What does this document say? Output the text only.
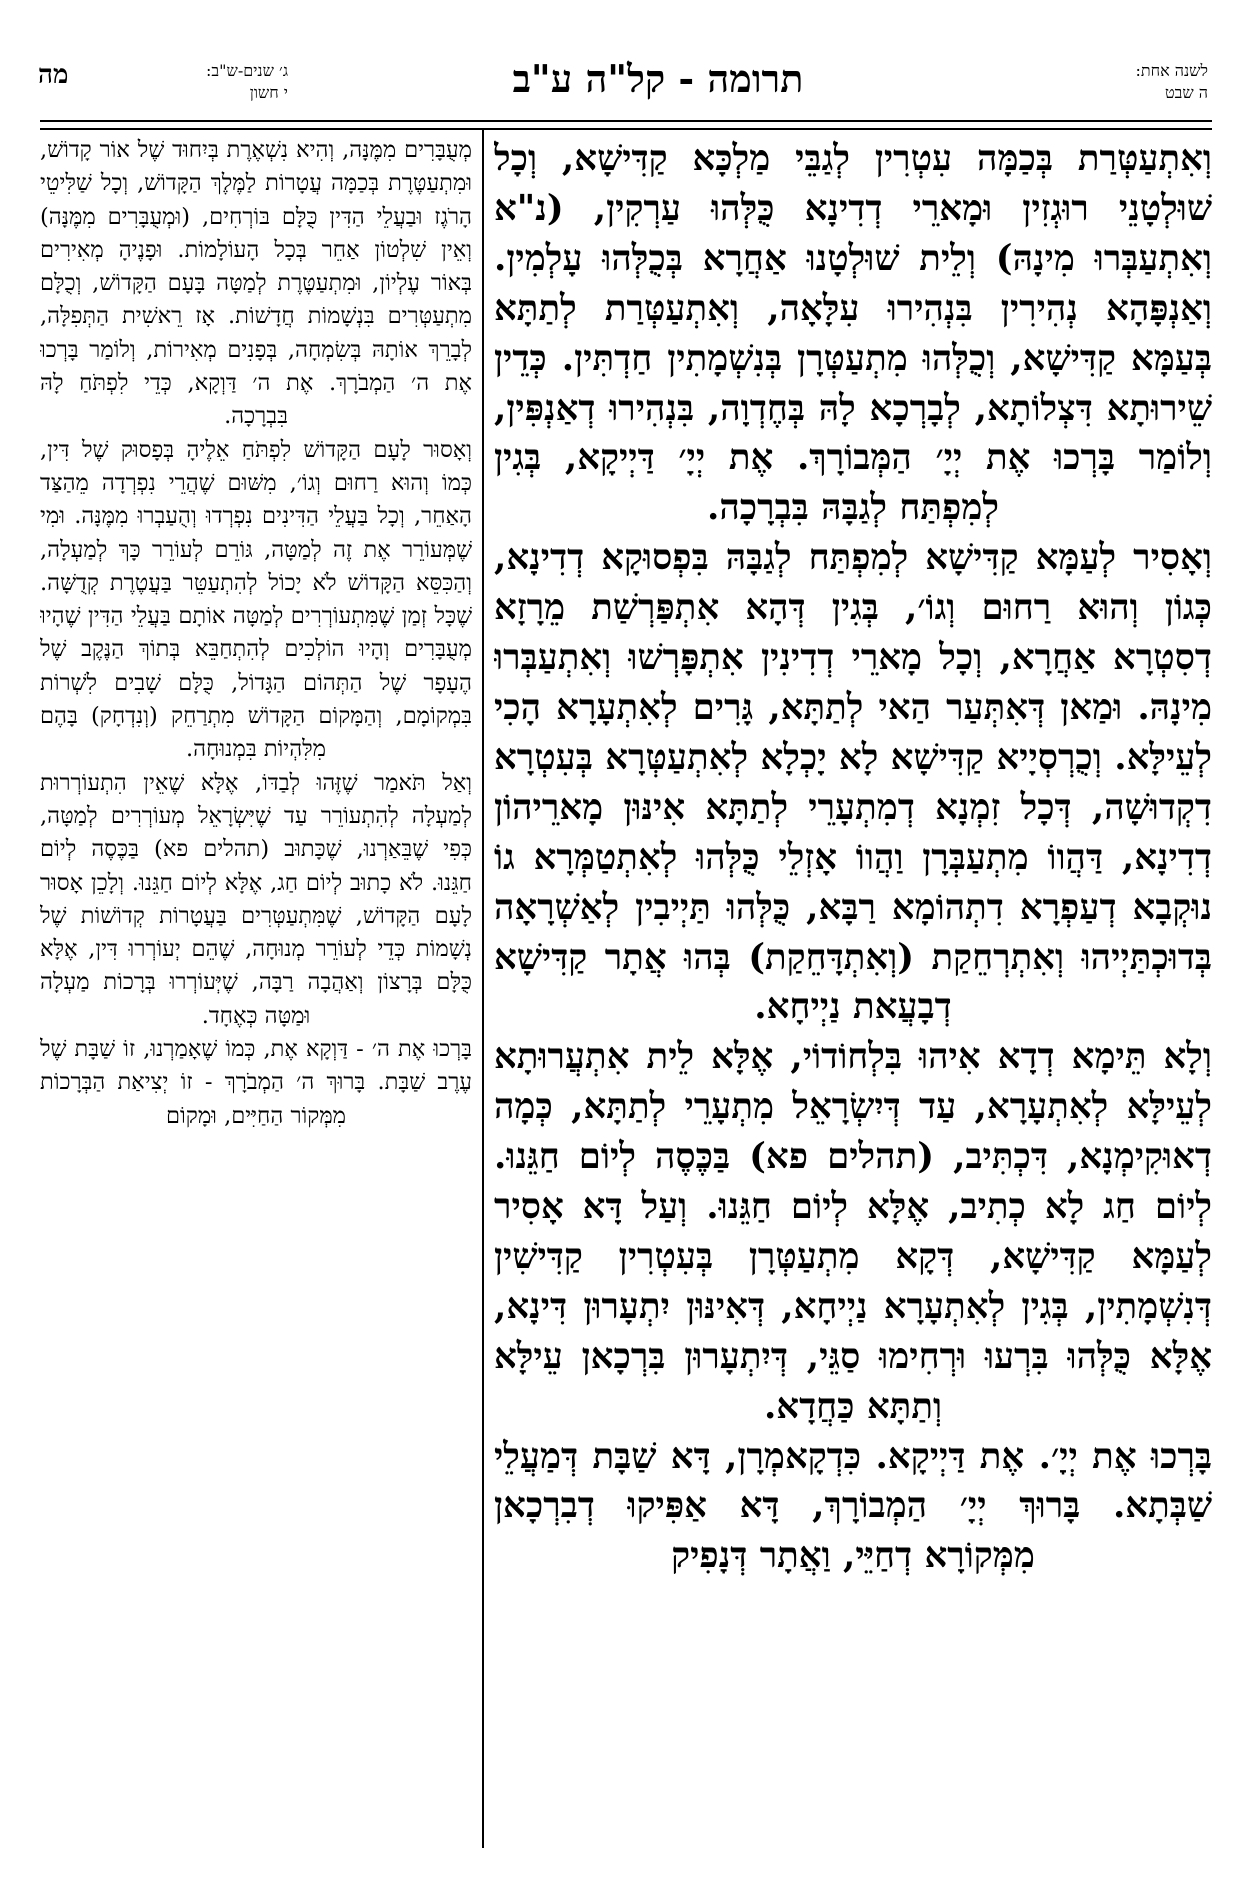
לשנה אחת:
ה שבט
תרומה - קל"ה ע"ב
ג׳ שנים-ש"ב:
י חשון
מה

וְאִתְעַטְּרַת בְּכַמָּה עִטְרִין לְגַבֵּי מַלְכָּא קַדִּישָׁא, וְכָל שׁוּלְטָנֵי רוּגְזִין וּמָארֵי דְדִינָא כֻּלְּהוּ עַרְקִין, (נ"א וְאִתְעַבְּרוּ מִינָהּ) וְלֵית שׁוּלְטָנוּ אַחֲרָא בְּכֻלְּהוּ עָלְמִין. וְאַנְפָּהָא נְהִירִין בִּנְהִירוּ עִלָּאָה, וְאִתְעַטְּרַת לְתַתָּא בְּעַמָּא קַדִּישָׁא, וְכֻלְּהוּ מִתְעַטְּרָן בְּנִשְׁמָתִין חַדְתִּין. כְּדֵין שֵׁירוּתָא דִּצְלוֹתָא, לְבָרְכָא לָהּ בְּחֶדְוָה, בִּנְהִירוּ דְאַנְפִּין, וְלוֹמַר בָּרְכוּ אֶת יְיָ׳ הַמְּבוֹרָךְ. אֶת יְיָ׳ דַּיְיקָא, בְּגִין לְמִפְתַּח לְגַבָּהּ בִּבְרָכָה.

וְאָסִיר לְעַמָּא קַדִּישָׁא לְמִפְתַּח לְגַבָּהּ בִּפְסוּקָא דְדִינָא, כְּגוֹן וְהוּא רַחוּם וְגוֹ׳, בְּגִין דְּהָא אִתְפַּרְשַׁת מֵרָזָא דְסִטְרָא אַחֲרָא, וְכָל מָארֵי דְדִינִין אִתְפָּרְשׁוּ וְאִתְעַבְּרוּ מִינָהּ. וּמַאן דְּאִתְּעַר הַאי לְתַתָּא, גָּרִים לְאִתְעָרָא הָכִי לְעֵילָּא. וְכֻרְסְיָיא קַדִּישָׁא לָא יָכְלָא לְאִתְעַטְּרָא בְּעִטְרָא דִקְדוּשָׁה, דְּכָל זִמְנָא דְמִתְעָרֵי לְתַתָּא אִינּוּן מָארֵיהוֹן דְדִינָא, דַּהֲווֹ מִתְעַבְּרָן וַהֲווֹ אָזְלֵי כֻּלְּהוּ לְאִתְטַמְּרָא גוֹ נוּקְבָא דְעַפְרָא דִתְהוֹמָא רַבָּא, כֻּלְּהוּ תַּיְיבִין לְאַשְׁרָאָה בְּדוּכְתַּיְיהוּ וְאִתְרְחֵקַת (וְאִתְדָּחֵקַת) בְּהוּ אֲתָר קַדִּישָׁא דְבָעֲאת נַיְיחָא.

וְלָא תֵּימָא דְדָא אִיהוּ בִּלְחוֹדוֹי, אֶלָּא לֵית אִתְעֲרוּתָא לְעֵילָּא לְאִתְעָרָא, עַד דְּיִשְׂרָאֵל מִתְעָרֵי לְתַתָּא, כְּמָה דְאוּקִימְנָא, דִּכְתִּיב, (תהלים פא) בַּכֶּסֶה לְיוֹם חַגֵּנוּ. לְיוֹם חַג לָא כְתִיב, אֶלָּא לְיוֹם חַגֵּנוּ. וְעַל דָּא אָסִיר לְעַמָּא קַדִּישָׁא, דְּקָא מִתְעַטְּרָן בְּעִטְרִין קַדִּישִׁין דְּנִשְׁמָתִין, בְּגִין לְאִתְעָרָא נַיְיחָא, דְּאִינּוּן יִתְעָרוּן דִּינָא, אֶלָּא כֻּלְּהוּ בִּרְעוּ וּרְחִימוּ סַגֵּי, דְּיִתְעָרוּן בִּרְכָאן עֵילָּא וְתַתָּא כַּחֲדָא.

בָּרְכוּ אֶת יְיָ׳. אֶת דַּיְיקָא. כִּדְקָאמְרָן, דָּא שַׁבָּת דְּמַעֲלֵי שַׁבְּתָא. בָּרוּךְ יְיָ׳ הַמְבוֹרָךְ, דָּא אַפִּיקוּ דְבִרְכָאן מִמְּקוֹרָא דְחַיֵּי, וַאֲתָר דְּנָפִיק

מְעֻבָּרִים מִמֶּנָּה, וְהִיא נִשְׁאֶרֶת בְּיִחוּד שֶׁל אוֹר קָדוֹשׁ, וּמִתְעַטֶּרֶת בְּכַמָּה עֲטָרוֹת לַמֶּלֶךְ הַקָּדוֹשׁ, וְכָל שַׁלִּיטֵי הָרֹגֶז וּבַעֲלֵי הַדִּין כֻּלָּם בּוֹרְחִים, (וּמְעֻבָּרִים מִמֶּנָּה) וְאֵין שִׁלְטוֹן אַחֵר בְּכָל הָעוֹלָמוֹת. וּפָנֶיהָ מְאִירִים בְּאוֹר עֶלְיוֹן, וּמִתְעַטֶּרֶת לְמַטָּה בָּעָם הַקָּדוֹשׁ, וְכֻלָּם מִתְעַטְּרִים בִּנְשָׁמוֹת חֲדָשׁוֹת. אָז רֵאשִׁית הַתְּפִלָּה, לְבָרֵךְ אוֹתָהּ בְּשִׂמְחָה, בְּפָנִים מְאִירוֹת, וְלוֹמַר בָּרְכוּ אֶת ה׳ הַמְבֹרָךְ. אֶת ה׳ דַּוְקָא, כְּדֵי לִפְתֹּחַ לָהּ בִּבְרָכָה.

וְאָסוּר לָעָם הַקָּדוֹשׁ לִפְתֹּחַ אֵלֶיהָ בְּפָסוּק שֶׁל דִּין, כְּמוֹ וְהוּא רַחוּם וְגוֹ׳, מִשּׁוּם שֶׁהֲרֵי נִפְרְדָה מֵהַצַּד הָאַחֵר, וְכָל בַּעֲלֵי הַדִּינִים נִפְרְדוּ וְהֻעַבְרוּ מִמֶּנָּה. וּמִי שֶׁמְּעוֹרֵר אֶת זֶה לְמַטָּה, גּוֹרֵם לְעוֹרֵר כָּךְ לְמַעְלָה, וְהַכִּסֵּא הַקָּדוֹשׁ לֹא יָכוֹל לְהִתְעַטֵּר בַּעֲטֶרֶת קְדֻשָּׁה. שֶׁכָּל זְמַן שֶׁמִּתְעוֹרְרִים לְמַטָּה אוֹתָם בַּעֲלֵי הַדִּין שֶׁהָיוּ מְעֻבָּרִים וְהָיוּ הוֹלְכִים לְהִתְחַבֵּא בְּתוֹךְ הַנֶּקֶב שֶׁל הֶעָפָר שֶׁל הַתְּהוֹם הַגָּדוֹל, כֻּלָּם שָׁבִים לִשְׁרוֹת בִּמְקוֹמָם, וְהַמָּקוֹם הַקָּדוֹשׁ מִתְרַחֵק (וְנִדְחָק) בָּהֶם מִלִּהְיוֹת בִּמְנוּחָה.

וְאַל תֹּאמַר שֶׁזֶּהוּ לְבַדּוֹ, אֶלָּא שֶׁאֵין הִתְעוֹרְרוּת לְמַעְלָה לְהִתְעוֹרֵר עַד שֶׁיִּשְׂרָאֵל מְעוֹרְרִים לְמַטָּה, כְּפִי שֶׁבֵּאַרְנוּ, שֶׁכָּתוּב (תהלים פא) בַּכֶּסֶה לְיוֹם חַגֵּנוּ. לֹא כָתוּב לְיוֹם חַג, אֶלָּא לְיוֹם חַגֵּנוּ. וְלָכֵן אָסוּר לָעָם הַקָּדוֹשׁ, שֶׁמִּתְעַטְּרִים בַּעֲטָרוֹת קְדוֹשׁוֹת שֶׁל נְשָׁמוֹת כְּדֵי לְעוֹרֵר מְנוּחָה, שֶׁהֵם יְעוֹרְרוּ דִּין, אֶלָּא כֻּלָּם בְּרָצוֹן וְאַהֲבָה רַבָּה, שֶׁיְּעוֹרְרוּ בְּרָכוֹת מַעְלָה וּמַטָּה כְּאֶחָד.

בָּרְכוּ אֶת ה׳ - דַּוְקָא אֶת, כְּמוֹ שֶׁאָמַרְנוּ, זוֹ שַׁבָּת שֶׁל עֶרֶב שַׁבָּת. בָּרוּךְ ה׳ הַמְבֹרָךְ - זוֹ יְצִיאַת הַבְּרָכוֹת מִמְּקוֹר הַחַיִּים, וּמָקוֹם
